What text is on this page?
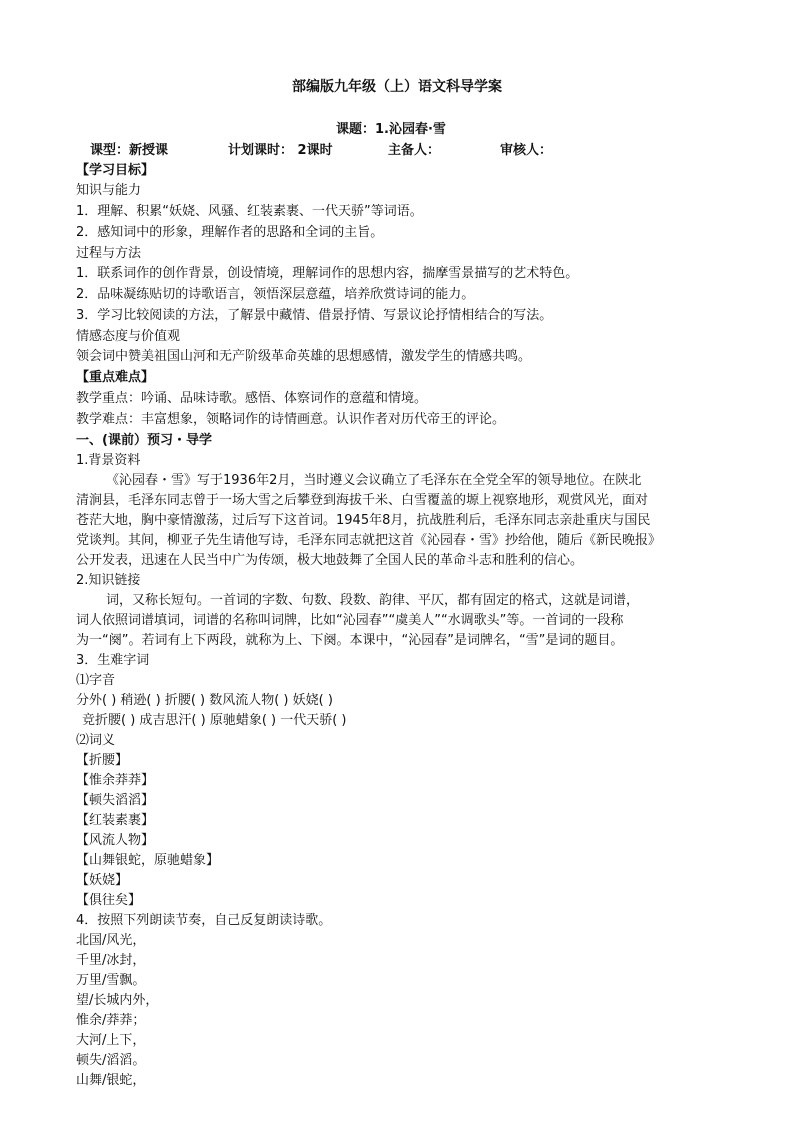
部编版九年级（上）语文科导学案
课题：1.沁园春·雪
课型：新授课	计划课时： 2课时	主备人：	审核人：
【学习目标】
知识与能力
1．理解、积累“妖娆、风骚、红装素裹、一代天骄”等词语。
2．感知词中的形象，理解作者的思路和全词的主旨。
过程与方法
1．联系词作的创作背景，创设情境，理解词作的思想内容，揣摩雪景描写的艺术特色。
2．品味凝练贴切的诗歌语言，领悟深层意蕴，培养欣赏诗词的能力。
3．学习比较阅读的方法，了解景中藏情、借景抒情、写景议论抒情相结合的写法。
情感态度与价值观
领会词中赞美祖国山河和无产阶级革命英雄的思想感情，激发学生的情感共鸣。
【重点难点】
教学重点：吟诵、品味诗歌。感悟、体察词作的意蕴和情境。
教学难点：丰富想象，领略词作的诗情画意。认识作者对历代帝王的评论。
一、(课前）预习・导学
1.背景资料
《沁园春・雪》写于1936年2月，当时遵义会议确立了毛泽东在全党全军的领导地位。在陕北
清涧县，毛泽东同志曾于一场大雪之后攀登到海拔千米、白雪覆盖的塬上视察地形，观赏风光，面对
苍茫大地，胸中豪情激荡，过后写下这首词。1945年8月，抗战胜利后，毛泽东同志亲赴重庆与国民
党谈判。其间，柳亚子先生请他写诗，毛泽东同志就把这首《沁园春・雪》抄给他，随后《新民晚报》
公开发表，迅速在人民当中广为传颂，极大地鼓舞了全国人民的革命斗志和胜利的信心。
2.知识链接
词，又称长短句。一首词的字数、句数、段数、韵律、平仄，都有固定的格式，这就是词谱，
词人依照词谱填词，词谱的名称叫词牌，比如“沁园春”“虞美人”“水调歌头”等。一首词的一段称
为一“阕”。若词有上下两段，就称为上、下阕。本课中，“沁园春”是词牌名，“雪”是词的题目。
3．生难字词
⑴字音
分外( ) 稍逊( ) 折腰( ) 数风流人物( ) 妖娆( )
竞折腰( ) 成吉思汗( ) 原驰蜡象( ) 一代天骄( )
⑵词义
【折腰】
【惟余莽莽】
【顿失滔滔】
【红装素裹】
【风流人物】
【山舞银蛇，原驰蜡象】
【妖娆】
【俱往矣】
4．按照下列朗读节奏，自己反复朗读诗歌。
北国/风光，
千里/冰封，
万里/雪飘。
望/长城内外，
惟余/莽莽；
大河/上下，
顿失/滔滔。
山舞/银蛇，
